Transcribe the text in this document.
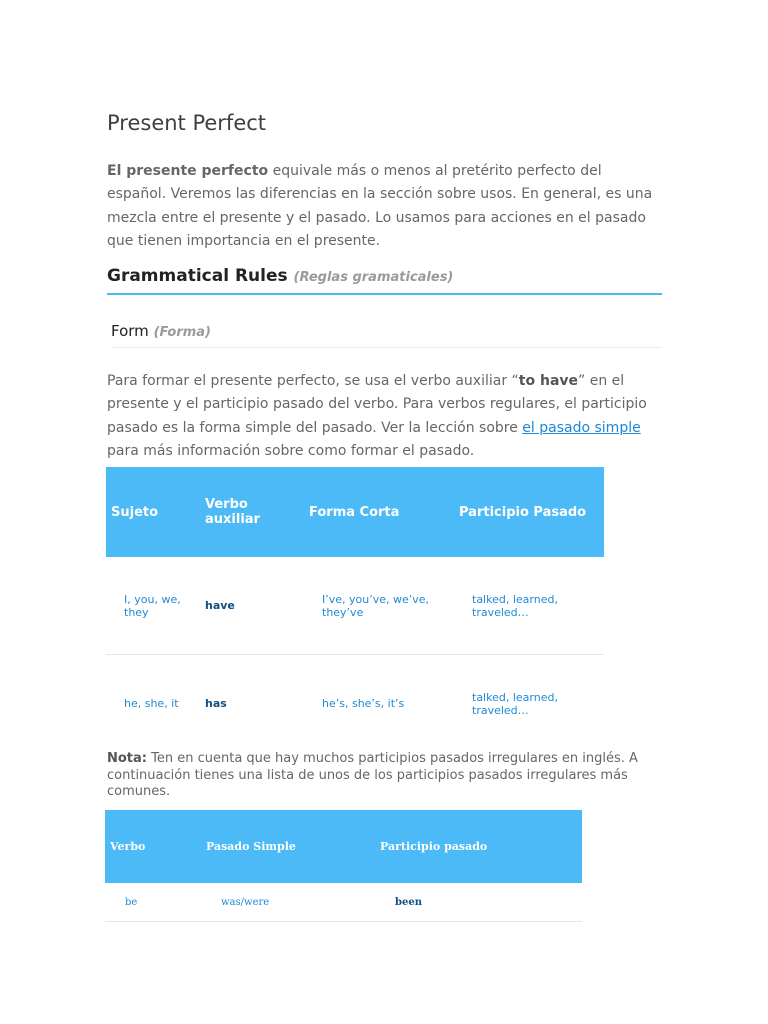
Present Perfect

El presente perfecto equivale más o menos al pretérito perfecto del español. Veremos las diferencias en la sección sobre usos. En general, es una mezcla entre el presente y el pasado. Lo usamos para acciones en el pasado que tienen importancia en el presente.

Grammatical Rules (Reglas gramaticales)
Form (Forma)

Para formar el presente perfecto, se usa el verbo auxiliar “to have” en el presente y el participio pasado del verbo. Para verbos regulares, el participio pasado es la forma simple del pasado. Ver la lección sobre el pasado simple para más información sobre como formar el pasado.

Sujeto	Verbo auxiliar	Forma Corta	Participio Pasado
I, you, we, they	have	I’ve, you’ve, we’ve, they’ve	talked, learned, traveled…
he, she, it	has	he’s, she’s, it’s	talked, learned, traveled…

Nota: Ten en cuenta que hay muchos participios pasados irregulares en inglés. A continuación tienes una lista de unos de los participios pasados irregulares más comunes.

Verbo	Pasado Simple	Participio pasado
be	was/were	been
